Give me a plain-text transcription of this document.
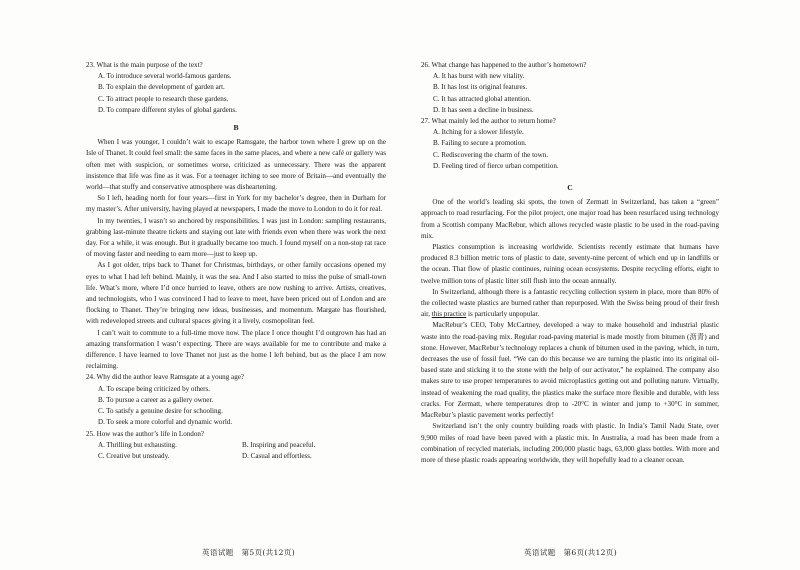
23. What is the main purpose of the text?

A. To introduce several world-famous gardens.

B. To explain the development of garden art.

C. To attract people to research these gardens.

D. To compare different styles of global gardens.

B

When I was younger, I couldn’t wait to escape Ramsgate, the harbor town where I grew up on the Isle of Thanet. It could feel small: the same faces in the same places, and where a new café or gallery was often met with suspicion, or sometimes worse, criticized as unnecessary. There was the apparent insistence that life was fine as it was. For a teenager itching to see more of Britain—and eventually the world—that stuffy and conservative atmosphere was disheartening.

So I left, heading north for four years—first in York for my bachelor’s degree, then in Durham for my master’s. After university, having played at newspapers, I made the move to London to do it for real.

In my twenties, I wasn’t so anchored by responsibilities. I was just in London: sampling restaurants, grabbing last-minute theatre tickets and staying out late with friends even when there was work the next day. For a while, it was enough. But it gradually became too much. I found myself on a non-stop rat race of moving faster and needing to earn more—just to keep up.

As I got older, trips back to Thanet for Christmas, birthdays, or other family occasions opened my eyes to what I had left behind. Mainly, it was the sea. And I also started to miss the pulse of small-town life. What’s more, where I’d once hurried to leave, others are now rushing to arrive. Artists, creatives, and technologists, who I was convinced I had to leave to meet, have been priced out of London and are flocking to Thanet. They’re bringing new ideas, businesses, and momentum. Margate has flourished, with redeveloped streets and cultural spaces giving it a lively, cosmopolitan feel.

I can’t wait to commute to a full-time move now. The place I once thought I’d outgrown has had an amazing transformation I wasn’t expecting. There are ways available for me to contribute and make a difference. I have learned to love Thanet not just as the home I left behind, but as the place I am now reclaiming.

24. Why did the author leave Ramsgate at a young age?

A. To escape being criticized by others.

B. To pursue a career as a gallery owner.

C. To satisfy a genuine desire for schooling.

D. To seek a more colorful and dynamic world.

25. How was the author’s life in London?

A. Thrilling but exhausting.	B. Inspiring and peaceful.
C. Creative but unsteady.	D. Casual and effortless.

26. What change has happened to the author’s hometown?

A. It has burst with new vitality.

B. It has lost its original features.

C. It has attracted global attention.

D. It has seen a decline in business.

27. What mainly led the author to return home?

A. Itching for a slower lifestyle.

B. Failing to secure a promotion.

C. Rediscovering the charm of the town.

D. Feeling tired of fierce urban competition.

C

One of the world’s leading ski spots, the town of Zermatt in Switzerland, has taken a “green” approach to road resurfacing. For the pilot project, one major road has been resurfaced using technology from a Scottish company MacRebur, which allows recycled waste plastic to be used in the road-paving mix.

Plastics consumption is increasing worldwide. Scientists recently estimate that humans have produced 8.3 billion metric tons of plastic to date, seventy-nine percent of which end up in landfills or the ocean. That flow of plastic continues, ruining ocean ecosystems. Despite recycling efforts, eight to twelve million tons of plastic litter still flush into the ocean annually.

In Switzerland, although there is a fantastic recycling collection system in place, more than 80% of the collected waste plastics are burned rather than repurposed. With the Swiss being proud of their fresh air, this practice is particularly unpopular.

MacRebur’s CEO, Toby McCartney, developed a way to make household and industrial plastic waste into the road-paving mix. Regular road-paving material is made mostly from bitumen (沥青) and stone. However, MacRebur’s technology replaces a chunk of bitumen used in the paving, which, in turn, decreases the use of fossil fuel. “We can do this because we are turning the plastic into its original oil-based state and sticking it to the stone with the help of our activator,” he explained. The company also makes sure to use proper temperatures to avoid microplastics getting out and polluting nature. Virtually, instead of weakening the road quality, the plastics make the surface more flexible and durable, with less cracks. For Zermatt, where temperatures drop to -20°C in winter and jump to +30°C in summer, MacRebur’s plastic pavement works perfectly!

Switzerland isn’t the only country building roads with plastic. In India’s Tamil Nadu State, over 9,900 miles of road have been paved with a plastic mix. In Australia, a road has been made from a combination of recycled materials, including 200,000 plastic bags, 63,000 glass bottles. With more and more of these plastic roads appearing worldwide, they will hopefully lead to a cleaner ocean.

英语试题　第5页(共12页)	英语试题　第6页(共12页)
